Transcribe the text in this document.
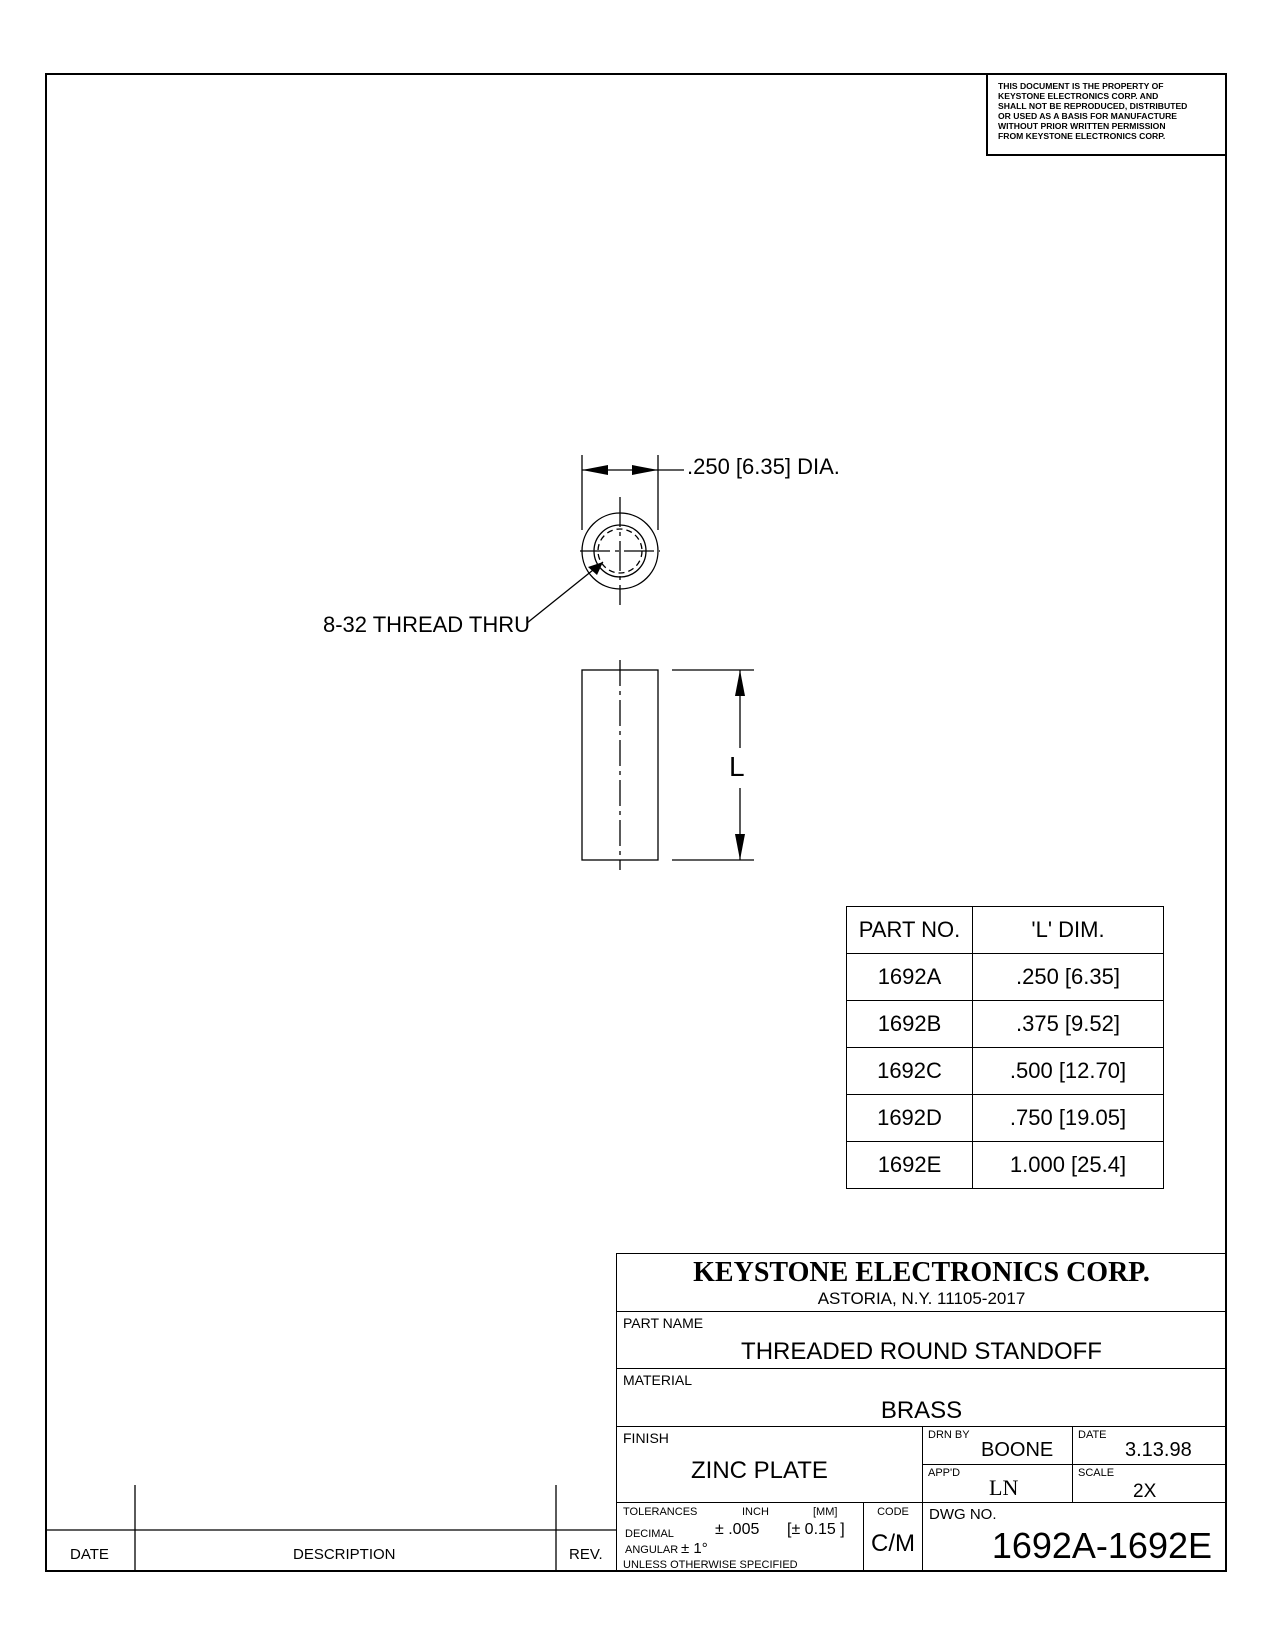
THIS DOCUMENT IS THE PROPERTY OF
KEYSTONE ELECTRONICS CORP. AND
SHALL NOT BE REPRODUCED, DISTRIBUTED
OR USED AS A BASIS FOR MANUFACTURE
WITHOUT PRIOR WRITTEN PERMISSION
FROM KEYSTONE ELECTRONICS CORP.
.250 [6.35] DIA.
8-32 THREAD THRU
L
PART NO.	'L' DIM.
1692A	.250 [6.35]
1692B	.375 [9.52]
1692C	.500 [12.70]
1692D	.750 [19.05]
1692E	1.000 [25.4]
KEYSTONE ELECTRONICS CORP.
ASTORIA, N.Y. 11105-2017
PART NAME
THREADED ROUND STANDOFF
MATERIAL
BRASS
FINISH
ZINC PLATE
DRN BY
BOONE
DATE
3.13.98
APP'D
LN
SCALE
2X
TOLERANCES	INCH	[MM]
DECIMAL	± .005 [± 0.15 ]
ANGULAR ± 1°
UNLESS OTHERWISE SPECIFIED
CODE
C/M
DWG NO.
1692A-1692E
DATE	DESCRIPTION	REV.
